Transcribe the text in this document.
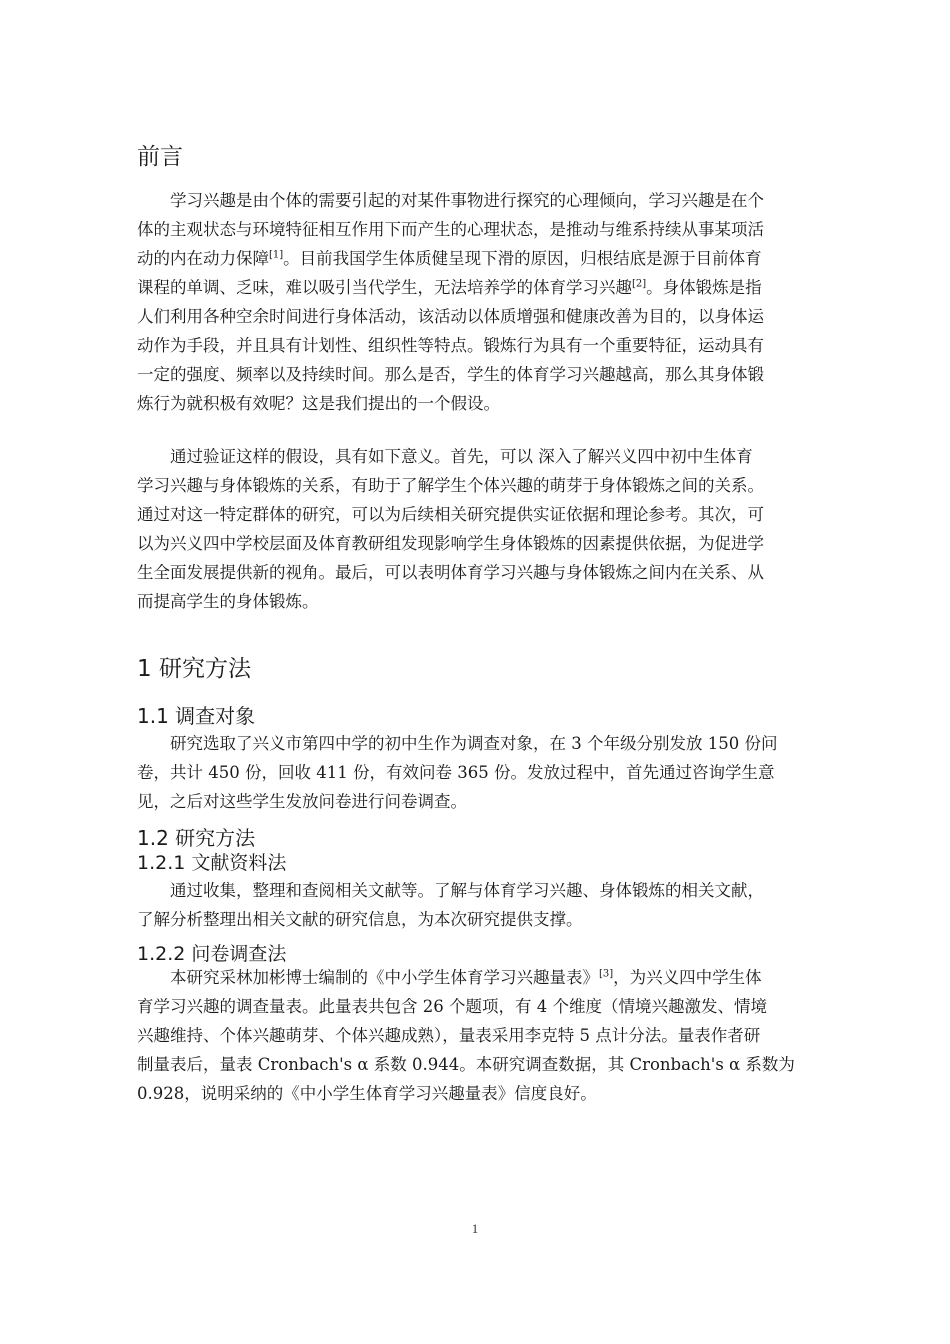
前言

学习兴趣是由个体的需要引起的对某件事物进行探究的心理倾向，学习兴趣是在个
体的主观状态与环境特征相互作用下而产生的心理状态，是推动与维系持续从事某项活
动的内在动力保障[1]。目前我国学生体质健呈现下滑的原因，归根结底是源于目前体育
课程的单调、乏味，难以吸引当代学生，无法培养学的体育学习兴趣[2]。身体锻炼是指
人们利用各种空余时间进行身体活动，该活动以体质增强和健康改善为目的，以身体运
动作为手段，并且具有计划性、组织性等特点。锻炼行为具有一个重要特征，运动具有
一定的强度、频率以及持续时间。那么是否，学生的体育学习兴趣越高，那么其身体锻
炼行为就积极有效呢？这是我们提出的一个假设。

通过验证这样的假设，具有如下意义。首先，可以 深入了解兴义四中初中生体育
学习兴趣与身体锻炼的关系，有助于了解学生个体兴趣的萌芽于身体锻炼之间的关系。
通过对这一特定群体的研究，可以为后续相关研究提供实证依据和理论参考。其次，可
以为兴义四中学校层面及体育教研组发现影响学生身体锻炼的因素提供依据，为促进学
生全面发展提供新的视角。最后，可以表明体育学习兴趣与身体锻炼之间内在关系、从
而提高学生的身体锻炼。

1 研究方法
1.1 调查对象

研究选取了兴义市第四中学的初中生作为调查对象，在 3 个年级分别发放 150 份问
卷，共计 450 份，回收 411 份，有效问卷 365 份。发放过程中，首先通过咨询学生意
见，之后对这些学生发放问卷进行问卷调查。

1.2 研究方法
1.2.1 文献资料法

通过收集，整理和查阅相关文献等。了解与体育学习兴趣、身体锻炼的相关文献，
了解分析整理出相关文献的研究信息，为本次研究提供支撑。

1.2.2 问卷调查法

本研究采林加彬博士编制的《中小学生体育学习兴趣量表》[3]，为兴义四中学生体
育学习兴趣的调查量表。此量表共包含 26 个题项，有 4 个维度（情境兴趣激发、情境
兴趣维持、个体兴趣萌芽、个体兴趣成熟），量表采用李克特 5 点计分法。量表作者研
制量表后，量表 Cronbach's α 系数 0.944。本研究调查数据，其 Cronbach's α 系数为
0.928，说明采纳的《中小学生体育学习兴趣量表》信度良好。

1
